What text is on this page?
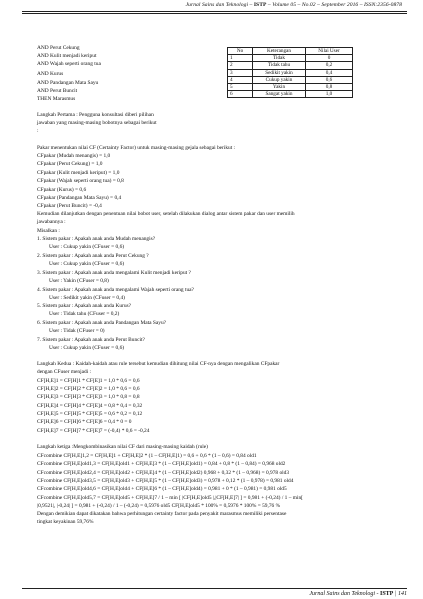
Jurnal Sains dan Teknologi – ISTP – Volume 05 – No.02 – September 2016 – ISSN:2356-0878
AND Perut Cekung
AND Kulit menjadi keriput
AND Wajah seperti orang tua
AND Kurus
AND Pandangan Mata Sayu
AND Perut Buncit
THEN Marasmus
No	Keterangan	Nilai User
1	Tidak	0
2	Tidak tahu	0,2
3	Sedikit yakin	0,4
4	Cukup yakin	0,6
5	Yakin	0,8
6	Sangat yakin	1,0
Langkah Pertama : Pengguna konsultasi diberi pilihan
jawaban yang masing-masing bobotnya sebagai berikut
:
Pakar menentukan nilai CF (Certainty Factor) untuk masing-masing gejala sebagai berikut :
CFpakar (Mudah menangis) = 1,0
CFpakar (Perut Cekung) = 1,0
CFpakar (Kulit menjadi keriput) = 1,0
CFpakar (Wajah seperti orang tua) = 0,8
CFpakar (Kurus) = 0,6
CFpakar (Pandangan Mata Sayu) = 0,4
CFpakar (Perut Buncit) = -0,4
Kemudian dilanjutkan dengan penentuan nilai bobot user, setelah dilakukan dialog antar sistem pakar dan user memilih
jawabannya :
Misalkan :
1. Sistem pakar : Apakah anak anda Mudah menangis?
User : Cukup yakin (CFuser = 0,6)
2. Sistem pakar : Apakah anak anda Perut Cekung ?
User : Cukup yakin (CFuser = 0,6)
3. Sistem pakar : Apakah anak anda mengalami Kulit menjadi keriput ?
User : Yakin (CFuser = 0,8)
4. Sistem pakar : Apakah anak anda mengalami Wajah seperti orang tua?
User : Sedikit yakin (CFuser = 0,4)
5. Sistem pakar : Apakah anak anda Kurus?
User : Tidak tahu (CFuser = 0,2)
6. Sistem pakar : Apakah anak anda Pandangan Mata Sayu?
User : Tidak (CFuser = 0)
7. Sistem pakar : Apakah anak anda Perut Buncit?
User : Cukup yakin (CFuser = 0,6)
Langkah Kedua : Kaidah-kaidah atau rule tersebut kemudian dihitung nilai CF-nya dengan mengalikan CFpakar
dengan CFuser menjadi :
CF[H,E]1 = CF[H]1 * CF[E]1 = 1,0 * 0,6 = 0,6
CF[H,E]2 = CF[H]2 * CF[E]2 = 1,0 * 0,6 = 0,6
CF[H,E]3 = CF[H]3 * CF[E]3 = 1,0 * 0,8 = 0,8
CF[H,E]4 = CF[H]4 * CF[E]4 = 0,8 * 0,4 = 0,32
CF[H,E]5 = CF[H]5 * CF[E]5 = 0,6 * 0,2 = 0,12
CF[H,E]6 = CF[H]6 * CF[E]6 = 0,4 * 0 = 0
CF[H,E]7 = CF[H]7 * CF[E]7 = (-0,4) * 0,6 = -0,24
Langkah ketiga :Mengkombinasikan nilai CF dari masing-masing kaidah (rule)
CFcombine CF[H,E]1,2 = CF[H,E]1 + CF[H,E]2 * (1 – CF[H,E]1) = 0,6 + 0,6 * (1 – 0,6) = 0,84 old1
CFcombine CF[H,E]old1,3 = CF[H,E]old1 + CF[H,E]3 * (1 – CF[H,E]old1) = 0,84 + 0,8 * (1 – 0,84) = 0,968 old2
CFcombine CF[H,E]old2,4 = CF[H,E]old2 + CF[H,E]4 * (1 – CF[H,E]old2) 0,968 + 0,32 * (1 – 0,968) = 0,978 old3
CFcombine CF[H,E]old3,5 = CF[H,E]old3 + CF[H,E]5 * (1 – CF[H,E]old3) = 0,978 + 0,12 * (1 – 0,978) = 0,981 old4
CFcombine CF[H,E]old4,6 = CF[H,E]old4 + CF[H,E]6 * (1 – CF[H,E]old4) = 0,981 + 0 * (1 – 0,981) = 0,981 old5
CFcombine CF[H,E]old5,7 = CF[H,E]old5 + CF[H,E]7 / 1 – min [ |CF[H,E]old5 |,|CF[H,E]7| ] = 0,981 + (-0,24) / 1 – min[
|0,9521|, |-0,24| ] = 0,981 + (-0,24) / 1 – (-0,24) = 0,5976 old5 CF[H,E]old5 * 100% = 0,5976 * 100% = 59,76 %
Dengan demikian dapat dikatakan bahwa perhitungan certainty factor pada penyakit marasmus memiliki persentase
tingkat keyakinan 59,76%
Jurnal Sains dan Teknologi - ISTP | 141
